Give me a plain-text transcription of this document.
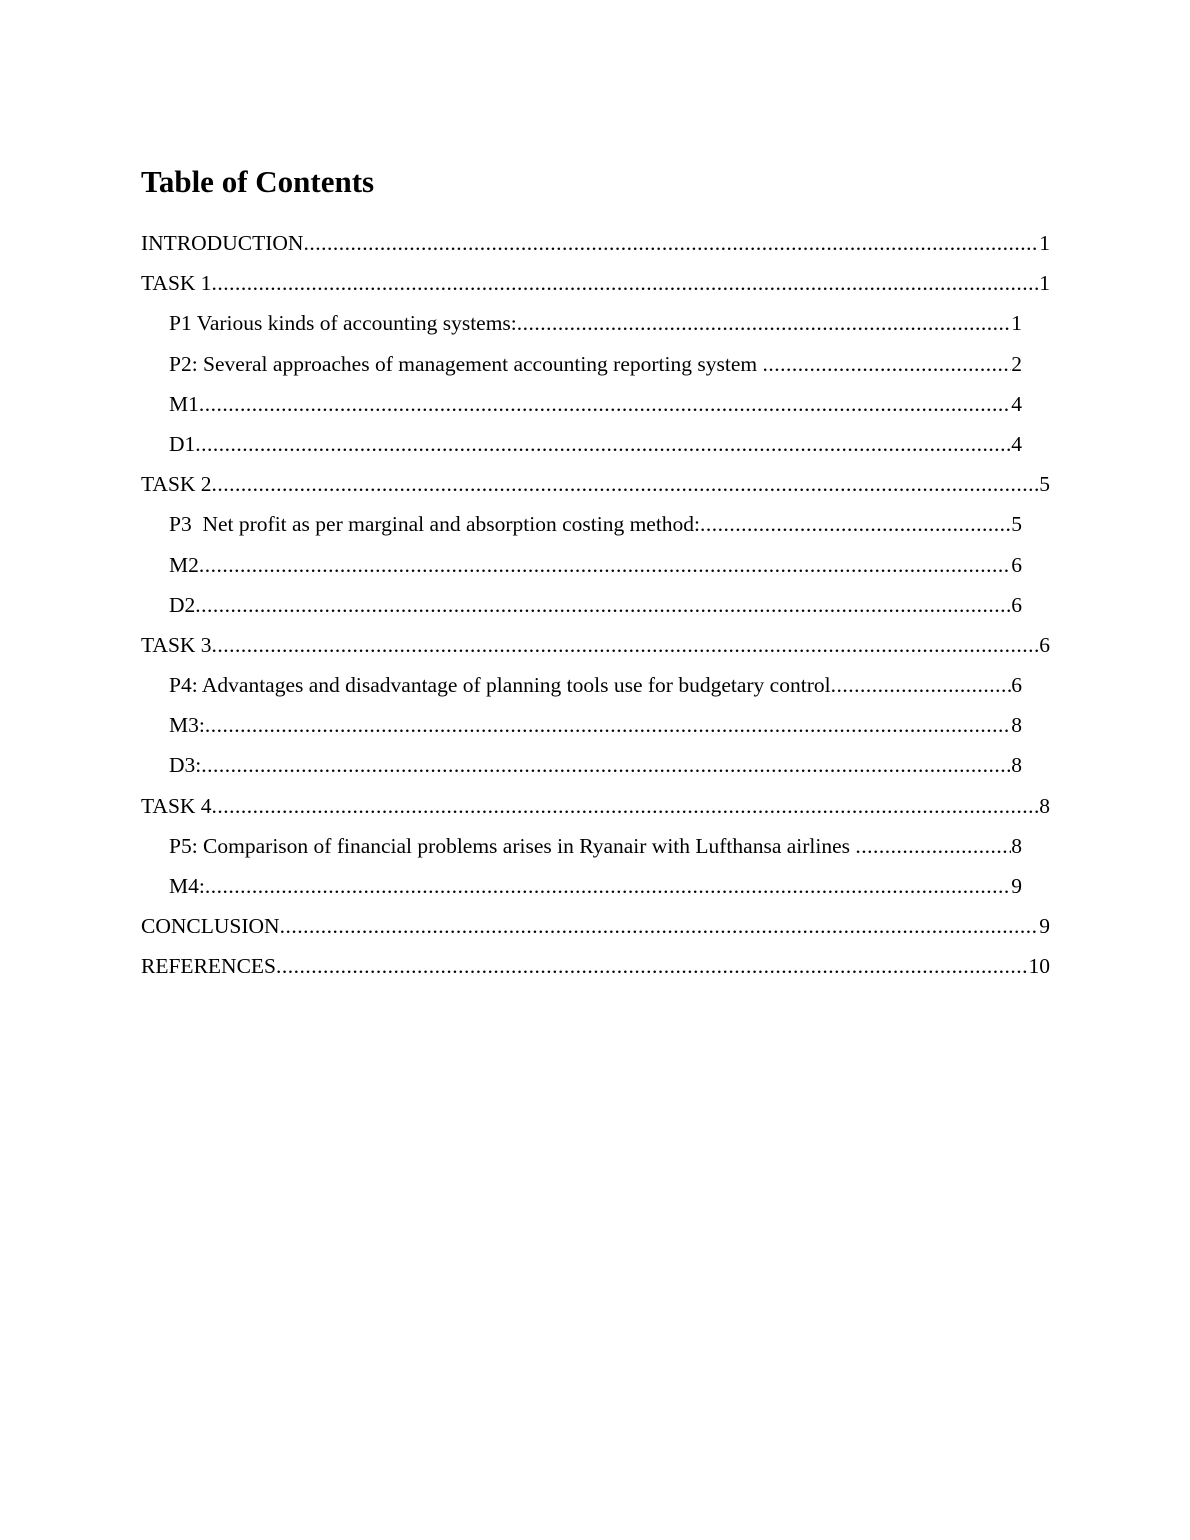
Table of Contents
INTRODUCTION .....	1
TASK 1 .....	1
P1 Various kinds of accounting systems: .....	1
P2: Several approaches of management accounting reporting system .....	2
M1 .....	4
D1 .....	4
TASK 2 .....	5
P3  Net profit as per marginal and absorption costing method: .....	5
M2 .....	6
D2 .....	6
TASK 3 .....	6
P4: Advantages and disadvantage of planning tools use for budgetary control .....	6
M3: .....	8
D3: .....	8
TASK 4 .....	8
P5: Comparison of financial problems arises in Ryanair with Lufthansa airlines .....	8
M4: .....	9
CONCLUSION .....	9
REFERENCES .....	10
